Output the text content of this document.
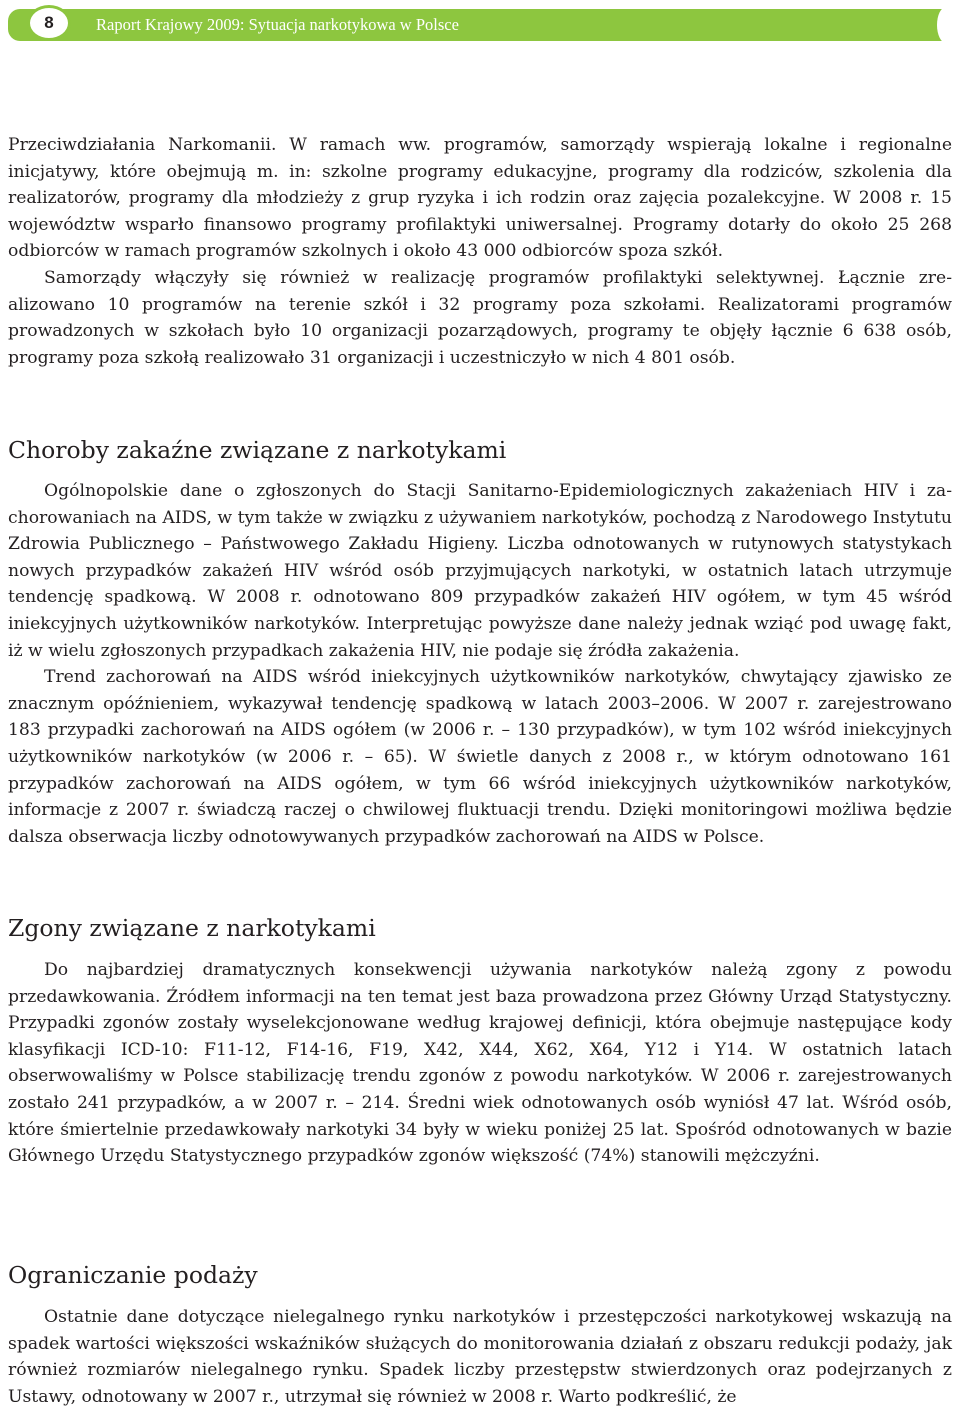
8	Raport Krajowy 2009: Sytuacja narkotykowa w Polsce

Przeciwdziałania Narkomanii. W ramach ww. programów, samorządy wspierają lokalne i regionalne inicjatywy, które obejmują m. in: szkolne programy edukacyjne, programy dla rodziców, szkolenia dla realizatorów, programy dla młodzieży z grup ryzyka i ich rodzin oraz zajęcia pozalekcyjne. W 2008 r. 15 województw wsparło finansowo programy profilaktyki uniwersalnej. Programy dotarły do około 25 268 odbiorców w ramach programów szkolnych i około 43 000 odbiorców spoza szkół.

Samorządy włączyły się również w realizację programów profilaktyki selektywnej. Łącznie zrealizowano 10 programów na terenie szkół i 32 programy poza szkołami. Realizatorami programów prowadzonych w szkołach było 10 organizacji pozarządowych, programy te objęły łącznie 6 638 osób, programy poza szkołą realizowało 31 organizacji i uczestniczyło w nich 4 801 osób.

Choroby zakaźne związane z narkotykami

Ogólnopolskie dane o zgłoszonych do Stacji Sanitarno-Epidemiologicznych zakażeniach HIV i zachorowaniach na AIDS, w tym także w związku z używaniem narkotyków, pochodzą z Narodowego Instytutu Zdrowia Publicznego – Państwowego Zakładu Higieny. Liczba odnotowanych w rutynowych statystykach nowych przypadków zakażeń HIV wśród osób przyjmujących narkotyki, w ostatnich latach utrzymuje tendencję spadkową. W 2008 r. odnotowano 809 przypadków zakażeń HIV ogółem, w tym 45 wśród iniekcyjnych użytkowników narkotyków. Interpretując powyższe dane należy jednak wziąć pod uwagę fakt, iż w wielu zgłoszonych przypadkach zakażenia HIV, nie podaje się źródła zakażenia.

Trend zachorowań na AIDS wśród iniekcyjnych użytkowników narkotyków, chwytający zjawisko ze znacznym opóźnieniem, wykazywał tendencję spadkową w latach 2003–2006. W 2007 r. zarejestrowano 183 przypadki zachorowań na AIDS ogółem (w 2006 r. – 130 przypadków), w tym 102 wśród iniekcyjnych użytkowników narkotyków (w 2006 r. – 65). W świetle danych z 2008 r., w którym odnotowano 161 przypadków zachorowań na AIDS ogółem, w tym 66 wśród iniekcyjnych użytkowników narkotyków, informacje z 2007 r. świadczą raczej o chwilowej fluktuacji trendu. Dzięki monitoringowi możliwa będzie dalsza obserwacja liczby odnotowywanych przypadków zachorowań na AIDS w Polsce.

Zgony związane z narkotykami

Do najbardziej dramatycznych konsekwencji używania narkotyków należą zgony z powodu przedawkowania. Źródłem informacji na ten temat jest baza prowadzona przez Główny Urząd Statystyczny. Przypadki zgonów zostały wyselekcjonowane według krajowej definicji, która obejmuje następujące kody klasyfikacji ICD-10: F11-12, F14-16, F19, X42, X44, X62, X64, Y12 i Y14. W ostatnich latach obserwowaliśmy w Polsce stabilizację trendu zgonów z powodu narkotyków. W 2006 r. zarejestrowanych zostało 241 przypadków, a w 2007 r. – 214. Średni wiek odnotowanych osób wyniósł 47 lat. Wśród osób, które śmiertelnie przedawkowały narkotyki 34 były w wieku poniżej 25 lat. Spośród odnotowanych w bazie Głównego Urzędu Statystycznego przypadków zgonów większość (74%) stanowili mężczyźni.

Ograniczanie podaży

Ostatnie dane dotyczące nielegalnego rynku narkotyków i przestępczości narkotykowej wskazują na spadek wartości większości wskaźników służących do monitorowania działań z obszaru redukcji podaży, jak również rozmiarów nielegalnego rynku. Spadek liczby przestępstw stwierdzonych oraz podejrzanych z Ustawy, odnotowany w 2007 r., utrzymał się również w 2008 r. Warto podkreślić, że
